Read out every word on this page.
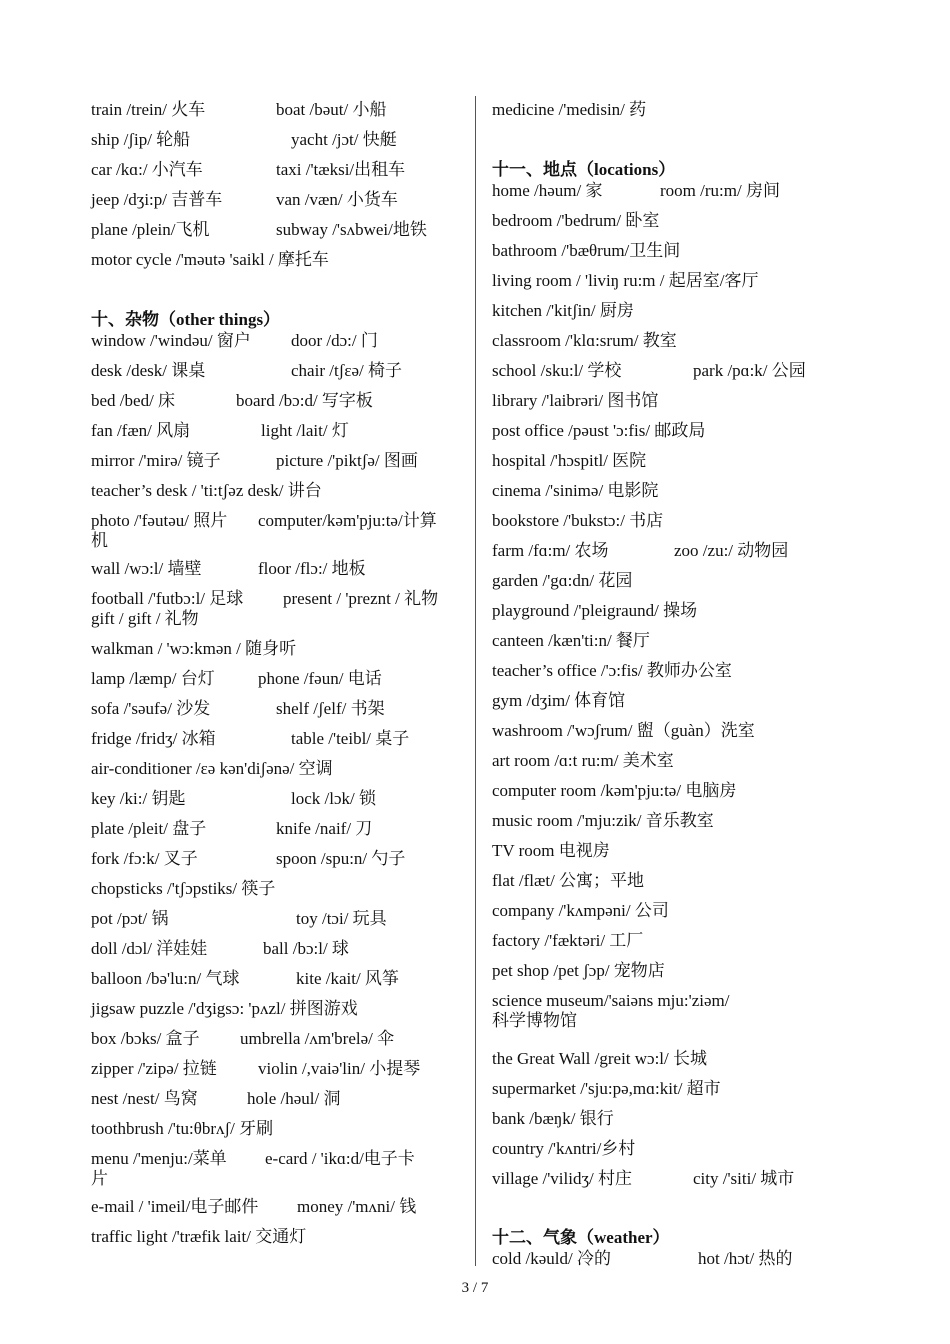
train /trein/ 火车	boat /bəut/ 小船
ship /ʃip/ 轮船	yacht /jɔt/ 快艇
car /kɑ:/ 小汽车	taxi /'tæksi/出租车
jeep /dʒi:p/ 吉普车	van /væn/ 小货车
plane /plein/飞机	subway /'sʌbwei/地铁
motor cycle /'məutə 'saikl / 摩托车
十、杂物（other things）
window /'windəu/ 窗户 door /dɔ:/ 门
desk /desk/ 课桌	chair /tʃɛə/ 椅子
bed /bed/ 床	board /bɔ:d/ 写字板
fan /fæn/ 风扇	light /lait/ 灯
mirror /'mirə/ 镜子	picture /'piktʃə/ 图画
teacher’s desk / 'ti:tʃəz desk/ 讲台
photo /'fəutəu/ 照片 computer/kəm'pju:tə/计算
机
wall /wɔ:l/ 墙壁	floor /flɔ:/ 地板
football /'futbɔ:l/ 足球 present / 'preznt / 礼物
gift / gift / 礼物
walkman / 'wɔ:kmən / 随身听
lamp /læmp/ 台灯	phone /fəun/ 电话
sofa /'səufə/ 沙发	shelf /ʃelf/ 书架
fridge /fridʒ/ 冰箱	table /'teibl/ 桌子
air-conditioner /ɛə kən'diʃənə/ 空调
key /ki:/ 钥匙	lock /lɔk/ 锁
plate /pleit/ 盘子	knife /naif/ 刀
fork /fɔ:k/ 叉子	spoon /spu:n/ 勺子
chopsticks /'tʃɔpstiks/ 筷子
pot /pɔt/ 锅	toy /tɔi/ 玩具
doll /dɔl/ 洋娃娃	ball /bɔ:l/ 球
balloon /bə'lu:n/ 气球	kite /kait/ 风筝
jigsaw puzzle /'dʒigsɔ: 'pʌzl/ 拼图游戏
box /bɔks/ 盒子 umbrella /ʌm'brelə/ 伞
zipper /'zipə/ 拉链 violin /,vaiə'lin/ 小提琴
nest /nest/ 鸟窝	hole /həul/ 洞
toothbrush /'tu:θbrʌʃ/ 牙刷
menu /'menju:/菜单 e-card / 'ikɑ:d/电子卡
片
e-mail / 'imeil/电子邮件 money /'mʌni/ 钱
traffic light /'træfik lait/ 交通灯
medicine /'medisin/ 药
十一、地点（locations）
home /həum/ 家	room /ru:m/ 房间
bedroom /'bedrum/ 卧室
bathroom /'bæθrum/卫生间
living room / 'liviŋ ru:m / 起居室/客厅
kitchen /'kitʃin/ 厨房
classroom /'klɑ:srum/ 教室
school /sku:l/ 学校	park /pɑ:k/ 公园
library /'laibrəri/ 图书馆
post office /pəust 'ɔ:fis/ 邮政局
hospital /'hɔspitl/ 医院
cinema /'sinimə/ 电影院
bookstore /'bukstɔ:/ 书店
farm /fɑ:m/ 农场	zoo /zu:/ 动物园
garden /'gɑ:dn/ 花园
playground /'pleigraund/ 操场
canteen /kæn'ti:n/ 餐厅
teacher’s office /'ɔ:fis/ 教师办公室
gym /dʒim/ 体育馆
washroom /'wɔʃrum/ 盥（guàn）洗室
art room /ɑ:t ru:m/ 美术室
computer room /kəm'pju:tə/ 电脑房
music room /'mju:zik/ 音乐教室
TV room 电视房
flat /flæt/ 公寓；平地
company /'kʌmpəni/ 公司
factory /'fæktəri/ 工厂
pet shop /pet ʃɔp/ 宠物店
science museum/'saiəns mju:'ziəm/
科学博物馆
the Great Wall /greit wɔ:l/ 长城
supermarket /'sju:pə,mɑ:kit/ 超市
bank /bæŋk/ 银行
country /'kʌntri/乡村
village /'vilidʒ/ 村庄	city /'siti/ 城市
十二、气象（weather）
cold /kəuld/ 冷的	hot /hɔt/ 热的
3 / 7
